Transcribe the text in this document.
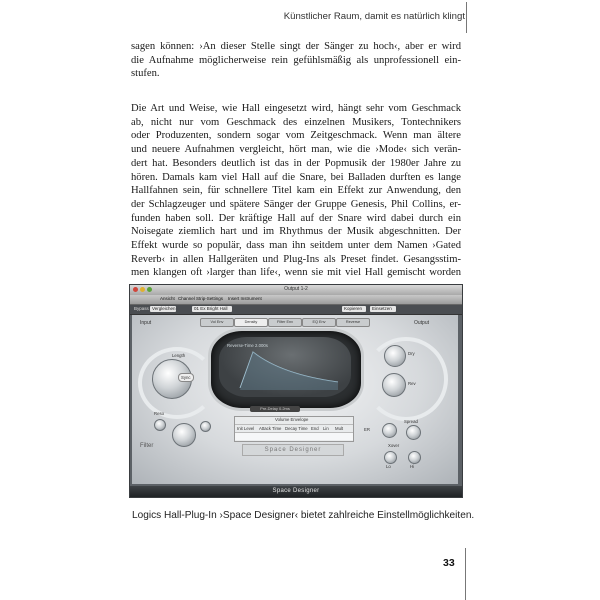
Künstlicher Raum, damit es natürlich klingt
sagen können: ›An dieser Stelle singt der Sänger zu hoch‹, aber er wird
die Aufnahme möglicherweise rein gefühlsmäßig als unprofessionell ein-
stufen.
Die Art und Weise, wie Hall eingesetzt wird, hängt sehr vom Geschmack
ab, nicht nur vom Geschmack des einzelnen Musikers, Tontechnikers
oder Produzenten, sondern sogar vom Zeitgeschmack. Wenn man ältere
und neuere Aufnahmen vergleicht, hört man, wie die ›Mode‹ sich verän-
dert hat. Besonders deutlich ist das in der Popmusik der 1980er Jahre zu
hören. Damals kam viel Hall auf die Snare, bei Balladen durften es lange
Hallfahnen sein, für schnellere Titel kam ein Effekt zur Anwendung, den
der Schlagzeuger und spätere Sänger der Gruppe Genesis, Phil Collins, er-
funden haben soll. Der kräftige Hall auf der Snare wird dabei durch ein
Noisegate ziemlich hart und im Rhythmus der Musik abgeschnitten. Der
Effekt wurde so populär, dass man ihn seitdem unter dem Namen ›Gated
Reverb‹ in allen Hallgeräten und Plug-Ins als Preset findet. Gesangsstim-
men klangen oft ›larger than life‹, wenn sie mit viel Hall gemischt worden
Output 1-2
Ansicht Channel Strip-Settings Insert Instrument
Bypass Vergleichen	01 Ex Bright Hall	Kopieren Einsetzen
Vol Env	Density	Filter Env	EQ Env	Reverse
Reverse-Time 2.000s
Pre-Delay 0.2ms
Input
Sync
Length
Filter
Reso
Output
Dry
Rev
Spread
ER
Xover
Lo	Hi
Volume Envelope
Init Level Attack Time Decay Time End Lin Mult
Space Designer
Space Designer
Logics Hall-Plug-In ›Space Designer‹ bietet zahlreiche Einstellmöglichkeiten.
33
